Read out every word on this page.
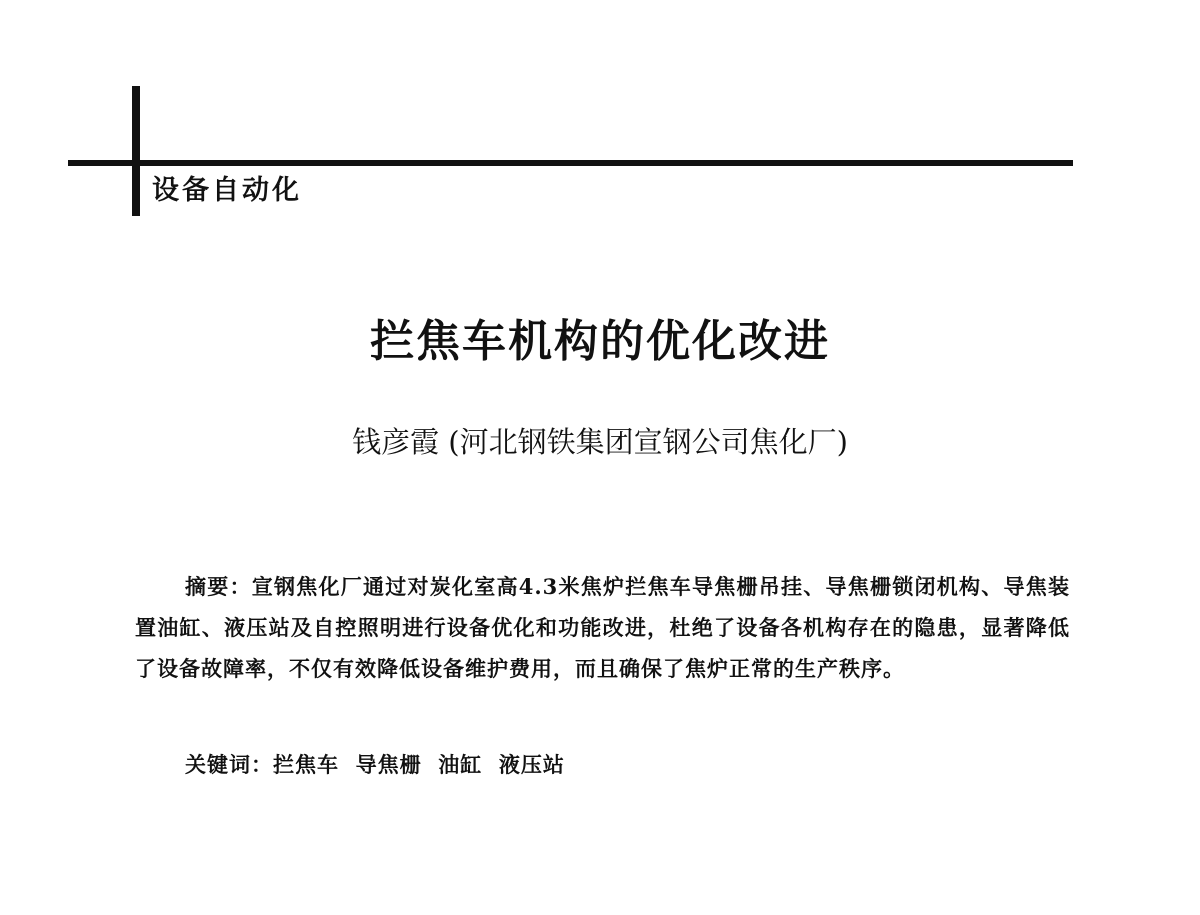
设备自动化
拦焦车机构的优化改进
钱彦霞 (河北钢铁集团宣钢公司焦化厂)
摘要：宣钢焦化厂通过对炭化室高4.3米焦炉拦焦车导焦栅吊挂、导焦栅锁闭机构、导焦装置油缸、液压站及自控照明进行设备优化和功能改进，杜绝了设备各机构存在的隐患，显著降低了设备故障率，不仅有效降低设备维护费用，而且确保了焦炉正常的生产秩序。
关键词：拦焦车  导焦栅  油缸  液压站
